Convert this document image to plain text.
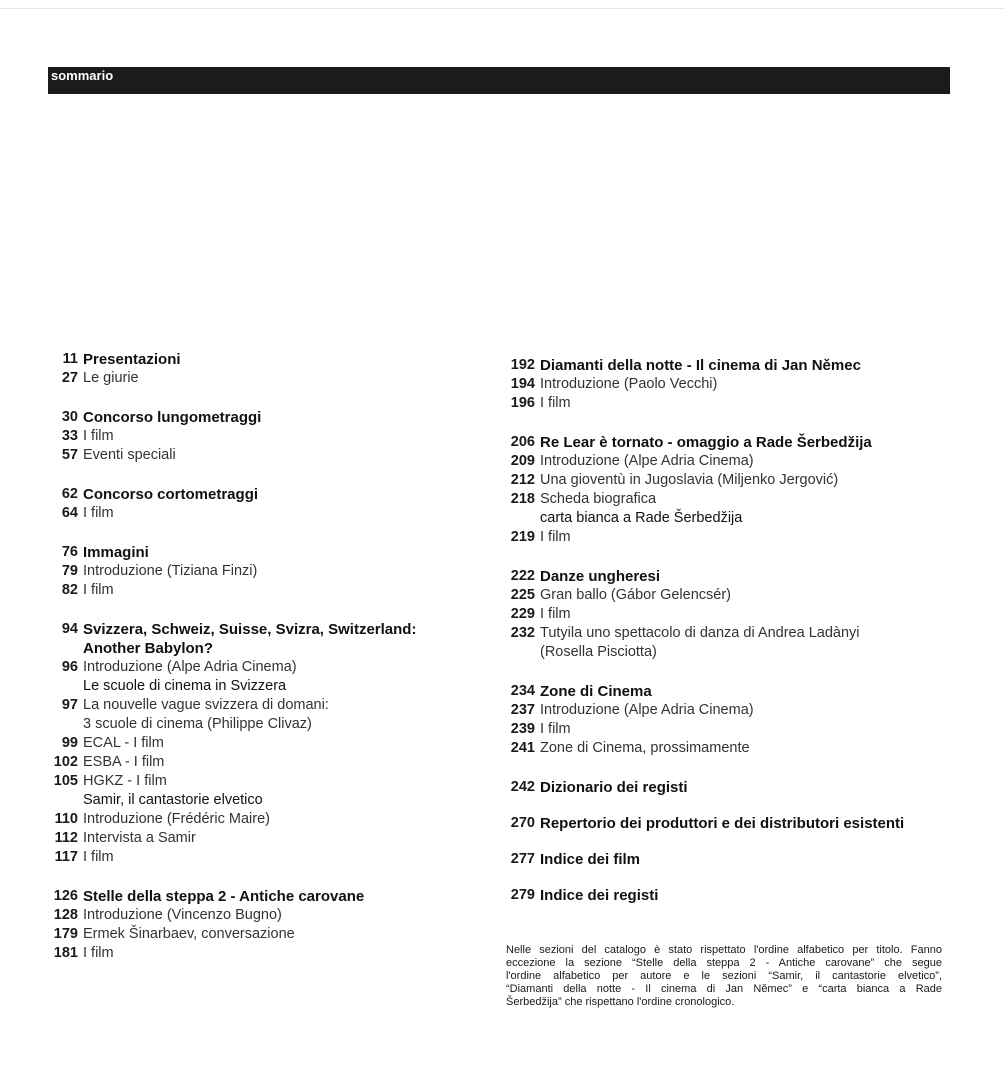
sommario
11 Presentazioni
27 Le giurie
30 Concorso lungometraggi
33 I film
57 Eventi speciali
62 Concorso cortometraggi
64 I film
76 Immagini
79 Introduzione (Tiziana Finzi)
82 I film
94 Svizzera, Schweiz, Suisse, Svizra, Switzerland:
Another Babylon?
96 Introduzione (Alpe Adria Cinema)
Le scuole di cinema in Svizzera
97 La nouvelle vague svizzera di domani:
3 scuole di cinema (Philippe Clivaz)
99 ECAL - I film
102 ESBA - I film
105 HGKZ - I film
Samir, il cantastorie elvetico
110 Introduzione (Frédéric Maire)
112 Intervista a Samir
117 I film
126 Stelle della steppa 2 - Antiche carovane
128 Introduzione (Vincenzo Bugno)
179 Ermek Šinarbaev, conversazione
181 I film
192 Diamanti della notte - Il cinema di Jan Němec
194 Introduzione (Paolo Vecchi)
196 I film
206 Re Lear è tornato - omaggio a Rade Šerbedžija
209 Introduzione (Alpe Adria Cinema)
212 Una gioventù in Jugoslavia (Miljenko Jergović)
218 Scheda biografica
carta bianca a Rade Šerbedžija
219 I film
222 Danze ungheresi
225 Gran ballo (Gábor Gelencsér)
229 I film
232 Tutyila uno spettacolo di danza di Andrea Ladànyi
(Rosella Pisciotta)
234 Zone di Cinema
237 Introduzione (Alpe Adria Cinema)
239 I film
241 Zone di Cinema, prossimamente
242 Dizionario dei registi
270 Repertorio dei produttori e dei distributori esistenti
277 Indice dei film
279 Indice dei registi
Nelle sezioni del catalogo è stato rispettato l'ordine alfabetico per titolo. Fanno
eccezione la sezione “Stelle della steppa 2 - Antiche carovane” che segue
l'ordine alfabetico per autore e le sezioni “Samir, il cantastorie elvetico”,
“Diamanti della notte - Il cinema di Jan Němec” e “carta bianca a Rade
Šerbedžija” che rispettano l'ordine cronologico.
